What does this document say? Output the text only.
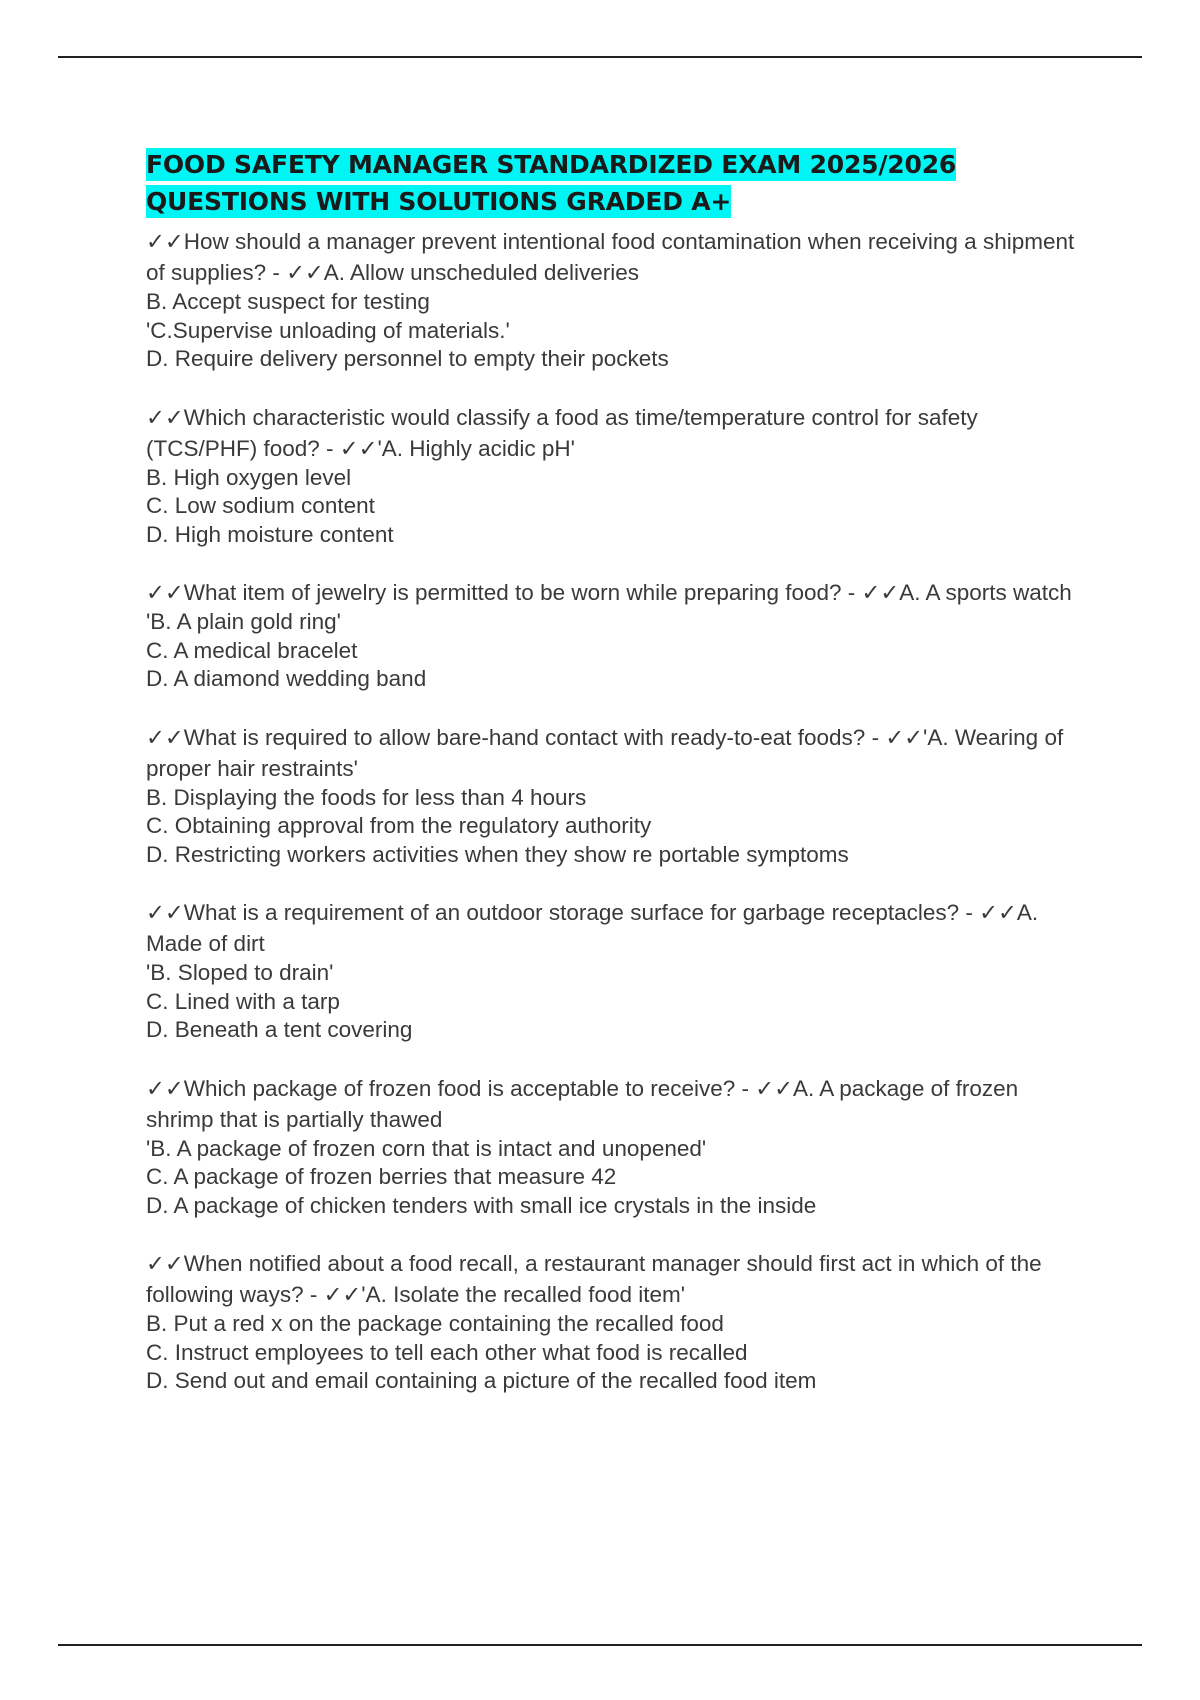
FOOD SAFETY MANAGER STANDARDIZED EXAM 2025/2026 QUESTIONS WITH SOLUTIONS GRADED A+
✓✓How should a manager prevent intentional food contamination when receiving a shipment of supplies? - ✓✓A. Allow unscheduled deliveries
B. Accept suspect for testing
'C.Supervise unloading of materials.'
D. Require delivery personnel to empty their pockets
✓✓Which characteristic would classify a food as time/temperature control for safety (TCS/PHF) food? - ✓✓'A. Highly acidic pH'
B. High oxygen level
C. Low sodium content
D. High moisture content
✓✓What item of jewelry is permitted to be worn while preparing food? - ✓✓A. A sports watch
'B. A plain gold ring'
C. A medical bracelet
D. A diamond wedding band
✓✓What is required to allow bare-hand contact with ready-to-eat foods? - ✓✓'A. Wearing of proper hair restraints'
B. Displaying the foods for less than 4 hours
C. Obtaining approval from the regulatory authority
D. Restricting workers activities when they show re portable symptoms
✓✓What is a requirement of an outdoor storage surface for garbage receptacles? - ✓✓A. Made of dirt
'B. Sloped to drain'
C. Lined with a tarp
D. Beneath a tent covering
✓✓Which package of frozen food is acceptable to receive? - ✓✓A. A package of frozen shrimp that is partially thawed
'B. A package of frozen corn that is intact and unopened'
C. A package of frozen berries that measure 42
D. A package of chicken tenders with small ice crystals in the inside
✓✓When notified about a food recall, a restaurant manager should first act in which of the following ways? - ✓✓'A. Isolate the recalled food item'
B. Put a red x on the package containing the recalled food
C. Instruct employees to tell each other what food is recalled
D. Send out and email containing a picture of the recalled food item
